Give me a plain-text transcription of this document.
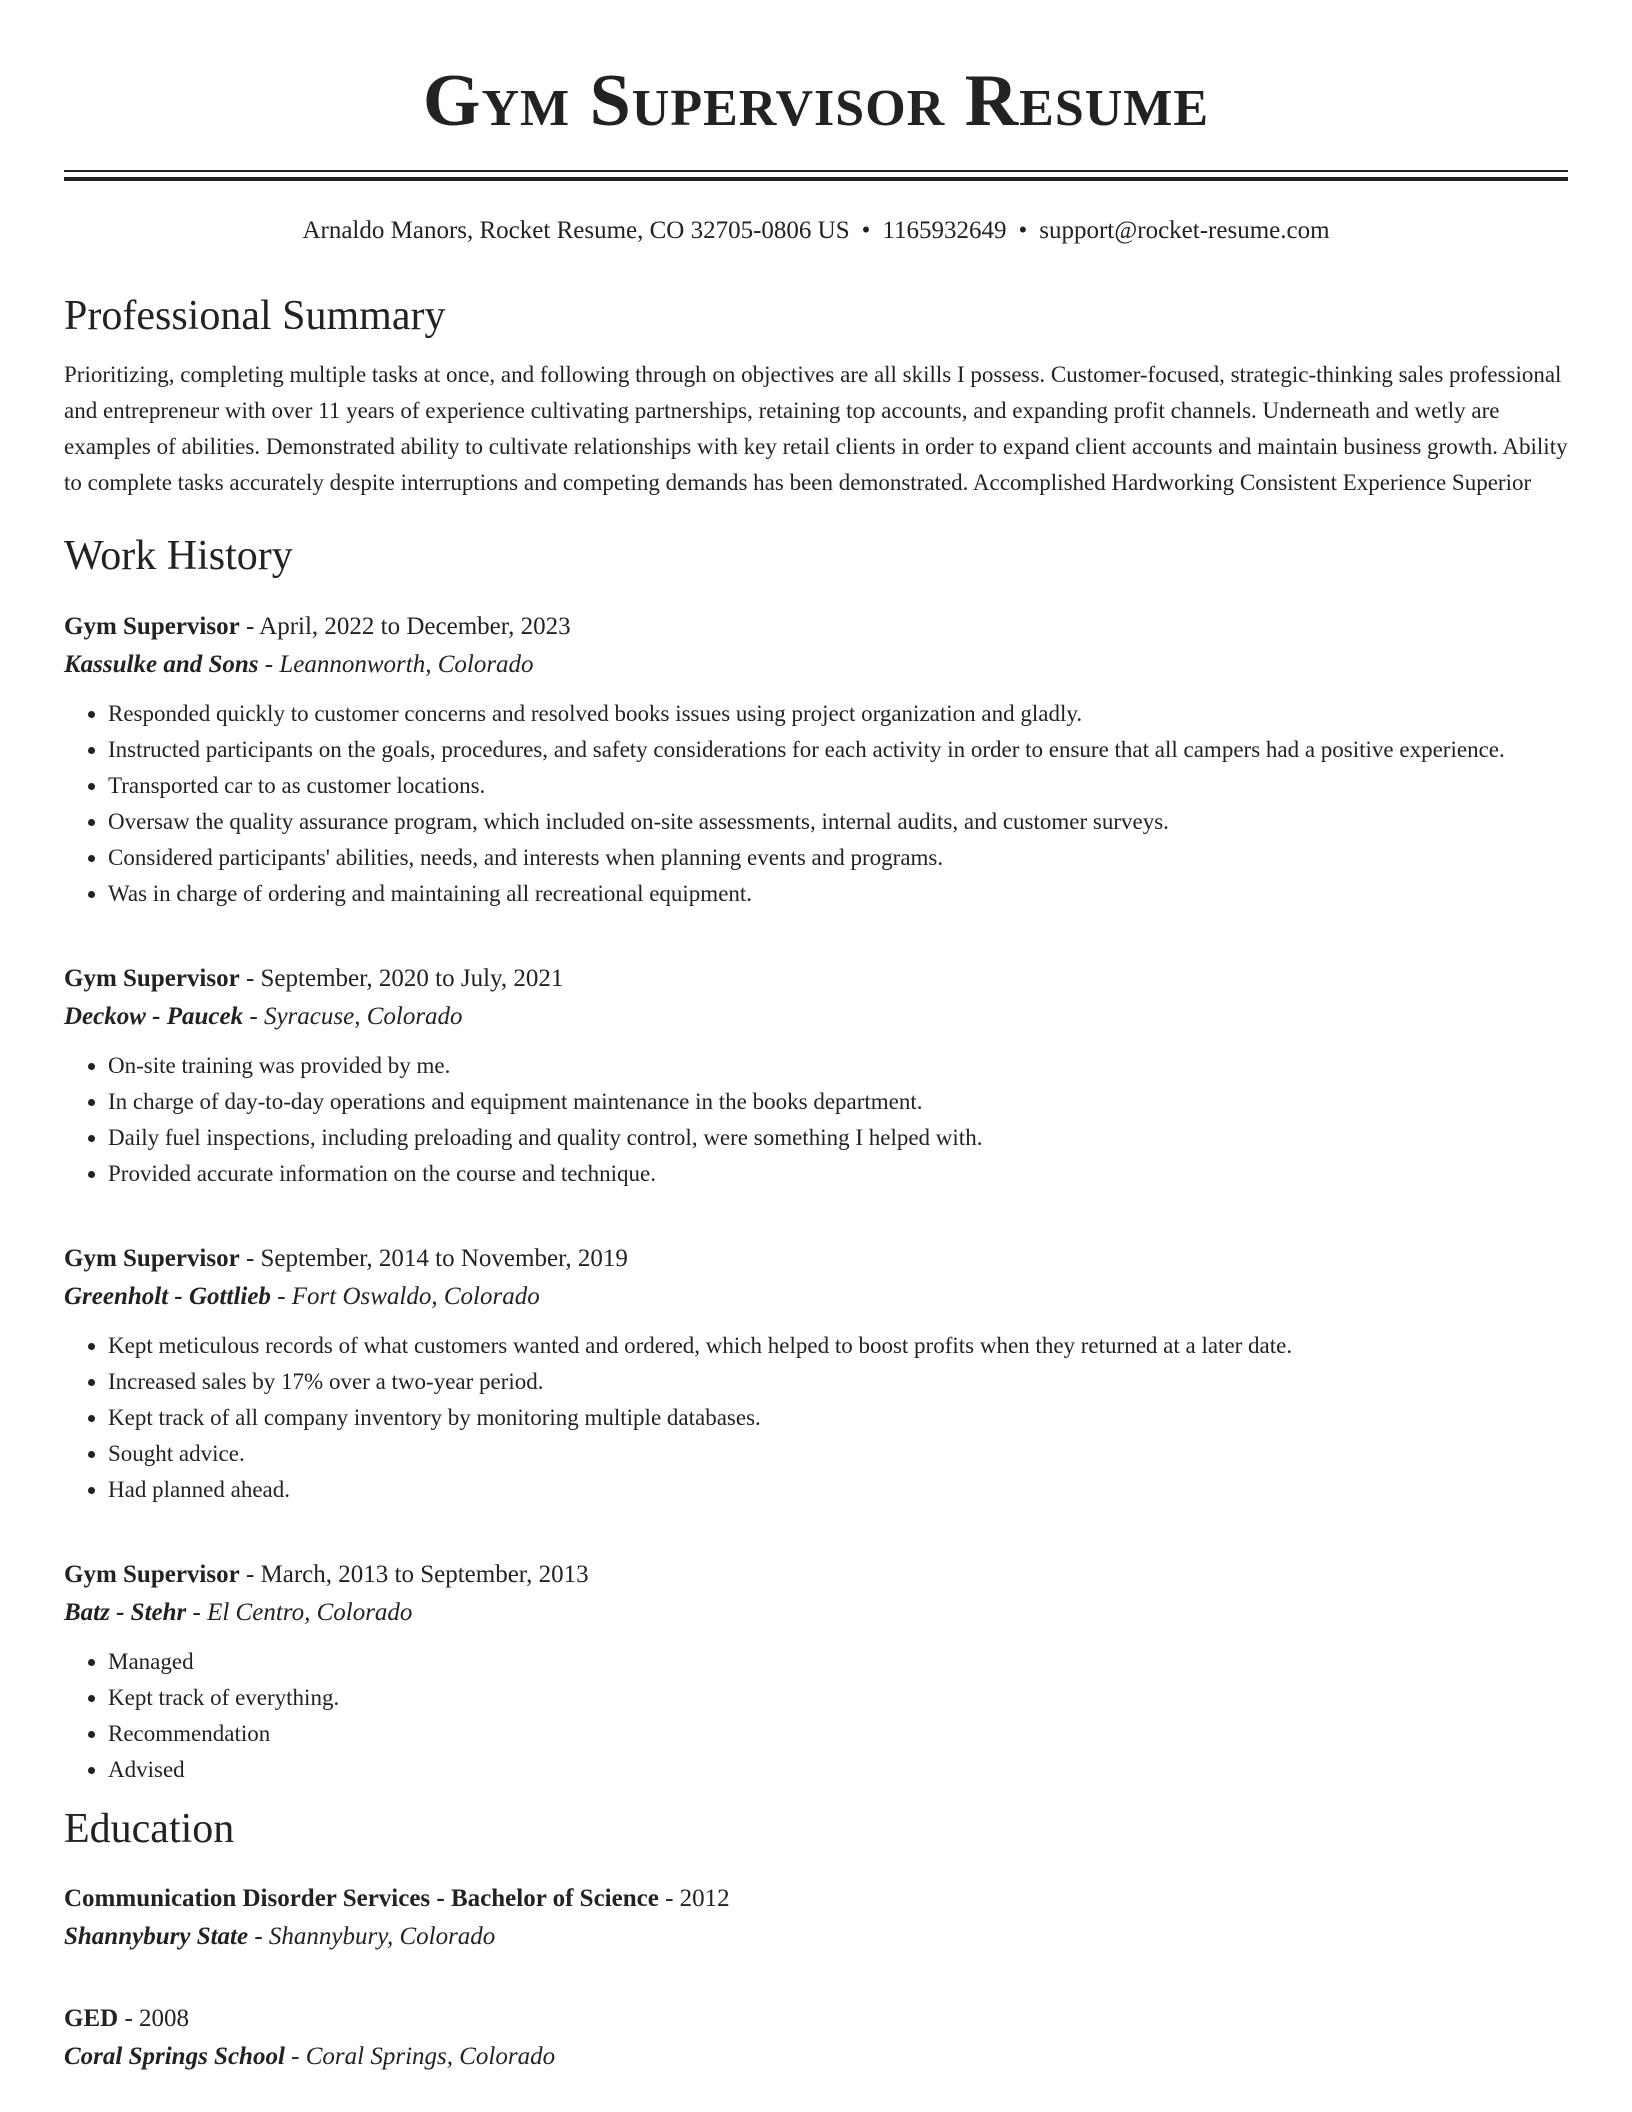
Gym Supervisor Resume
Arnaldo Manors, Rocket Resume, CO 32705-0806 US • 1165932649 • support@rocket-resume.com
Professional Summary
Prioritizing, completing multiple tasks at once, and following through on objectives are all skills I possess. Customer-focused, strategic-thinking sales professional and entrepreneur with over 11 years of experience cultivating partnerships, retaining top accounts, and expanding profit channels. Underneath and wetly are examples of abilities. Demonstrated ability to cultivate relationships with key retail clients in order to expand client accounts and maintain business growth. Ability to complete tasks accurately despite interruptions and competing demands has been demonstrated. Accomplished Hardworking Consistent Experience Superior
Work History
Gym Supervisor - April, 2022 to December, 2023
Kassulke and Sons - Leannonworth, Colorado
• Responded quickly to customer concerns and resolved books issues using project organization and gladly.
• Instructed participants on the goals, procedures, and safety considerations for each activity in order to ensure that all campers had a positive experience.
• Transported car to as customer locations.
• Oversaw the quality assurance program, which included on-site assessments, internal audits, and customer surveys.
• Considered participants' abilities, needs, and interests when planning events and programs.
• Was in charge of ordering and maintaining all recreational equipment.
Gym Supervisor - September, 2020 to July, 2021
Deckow - Paucek - Syracuse, Colorado
• On-site training was provided by me.
• In charge of day-to-day operations and equipment maintenance in the books department.
• Daily fuel inspections, including preloading and quality control, were something I helped with.
• Provided accurate information on the course and technique.
Gym Supervisor - September, 2014 to November, 2019
Greenholt - Gottlieb - Fort Oswaldo, Colorado
• Kept meticulous records of what customers wanted and ordered, which helped to boost profits when they returned at a later date.
• Increased sales by 17% over a two-year period.
• Kept track of all company inventory by monitoring multiple databases.
• Sought advice.
• Had planned ahead.
Gym Supervisor - March, 2013 to September, 2013
Batz - Stehr - El Centro, Colorado
• Managed
• Kept track of everything.
• Recommendation
• Advised
Education
Communication Disorder Services - Bachelor of Science - 2012
Shannybury State - Shannybury, Colorado
GED - 2008
Coral Springs School - Coral Springs, Colorado
